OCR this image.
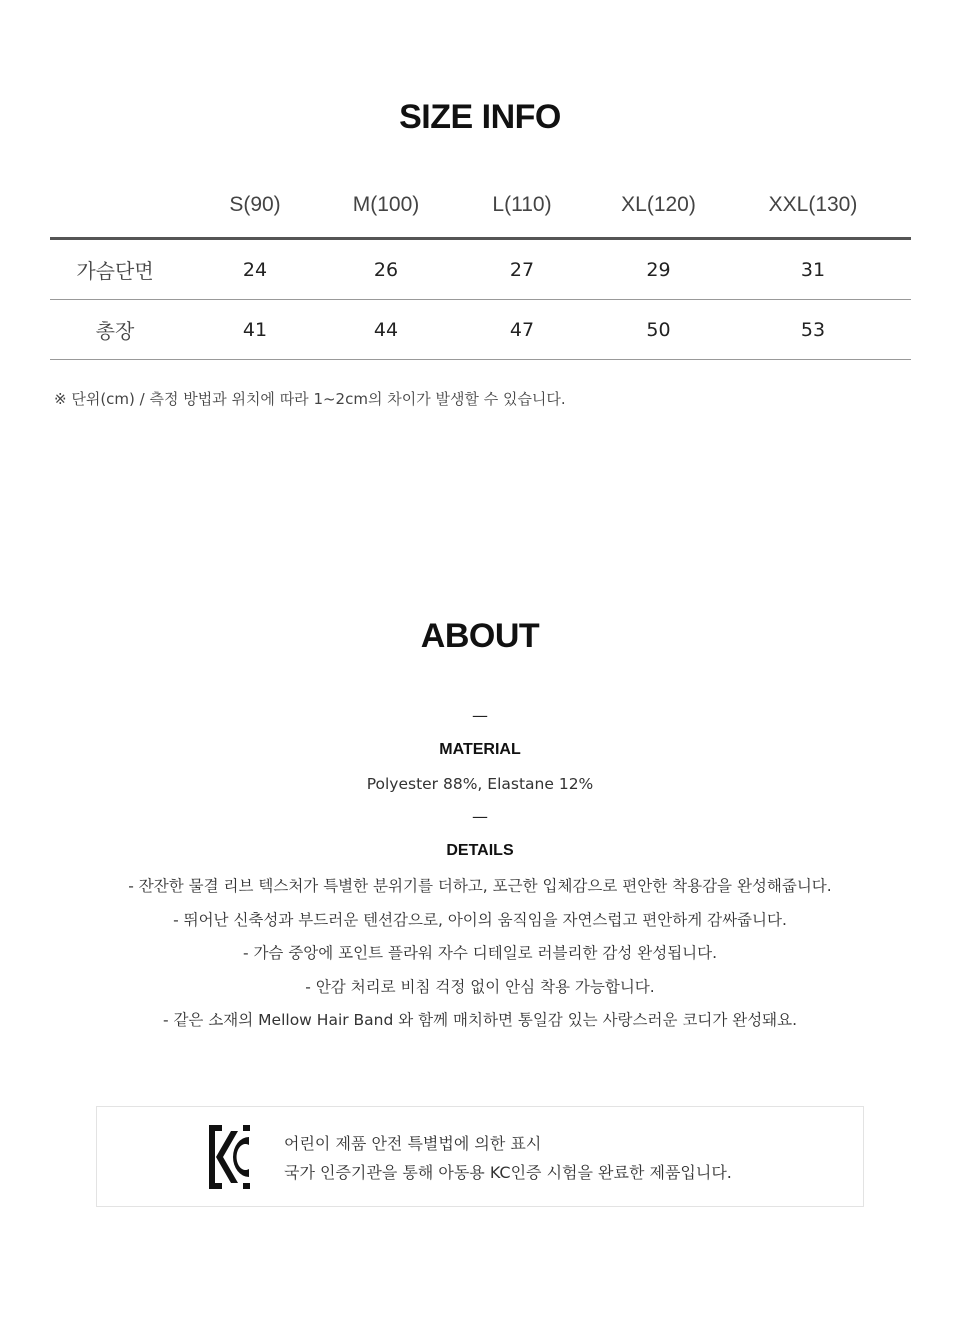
SIZE INFO
	S(90)	M(100)	L(110)	XL(120)	XXL(130)
가슴단면	24	26	27	29	31
총장	41	44	47	50	53
※ 단위(cm) / 측정 방법과 위치에 따라 1~2cm의 차이가 발생할 수 있습니다.
ABOUT
—
MATERIAL
Polyester 88%, Elastane 12%
—
DETAILS
- 잔잔한 물결 리브 텍스처가 특별한 분위기를 더하고, 포근한 입체감으로 편안한 착용감을 완성해줍니다.
- 뛰어난 신축성과 부드러운 텐션감으로, 아이의 움직임을 자연스럽고 편안하게 감싸줍니다.
- 가슴 중앙에 포인트 플라워 자수 디테일로 러블리한 감성 완성됩니다.
- 안감 처리로 비침 걱정 없이 안심 착용 가능합니다.
- 같은 소재의 Mellow Hair Band 와 함께 매치하면 통일감 있는 사랑스러운 코디가 완성돼요.
어린이 제품 안전 특별법에 의한 표시
국가 인증기관을 통해 아동용 KC인증 시험을 완료한 제품입니다.
